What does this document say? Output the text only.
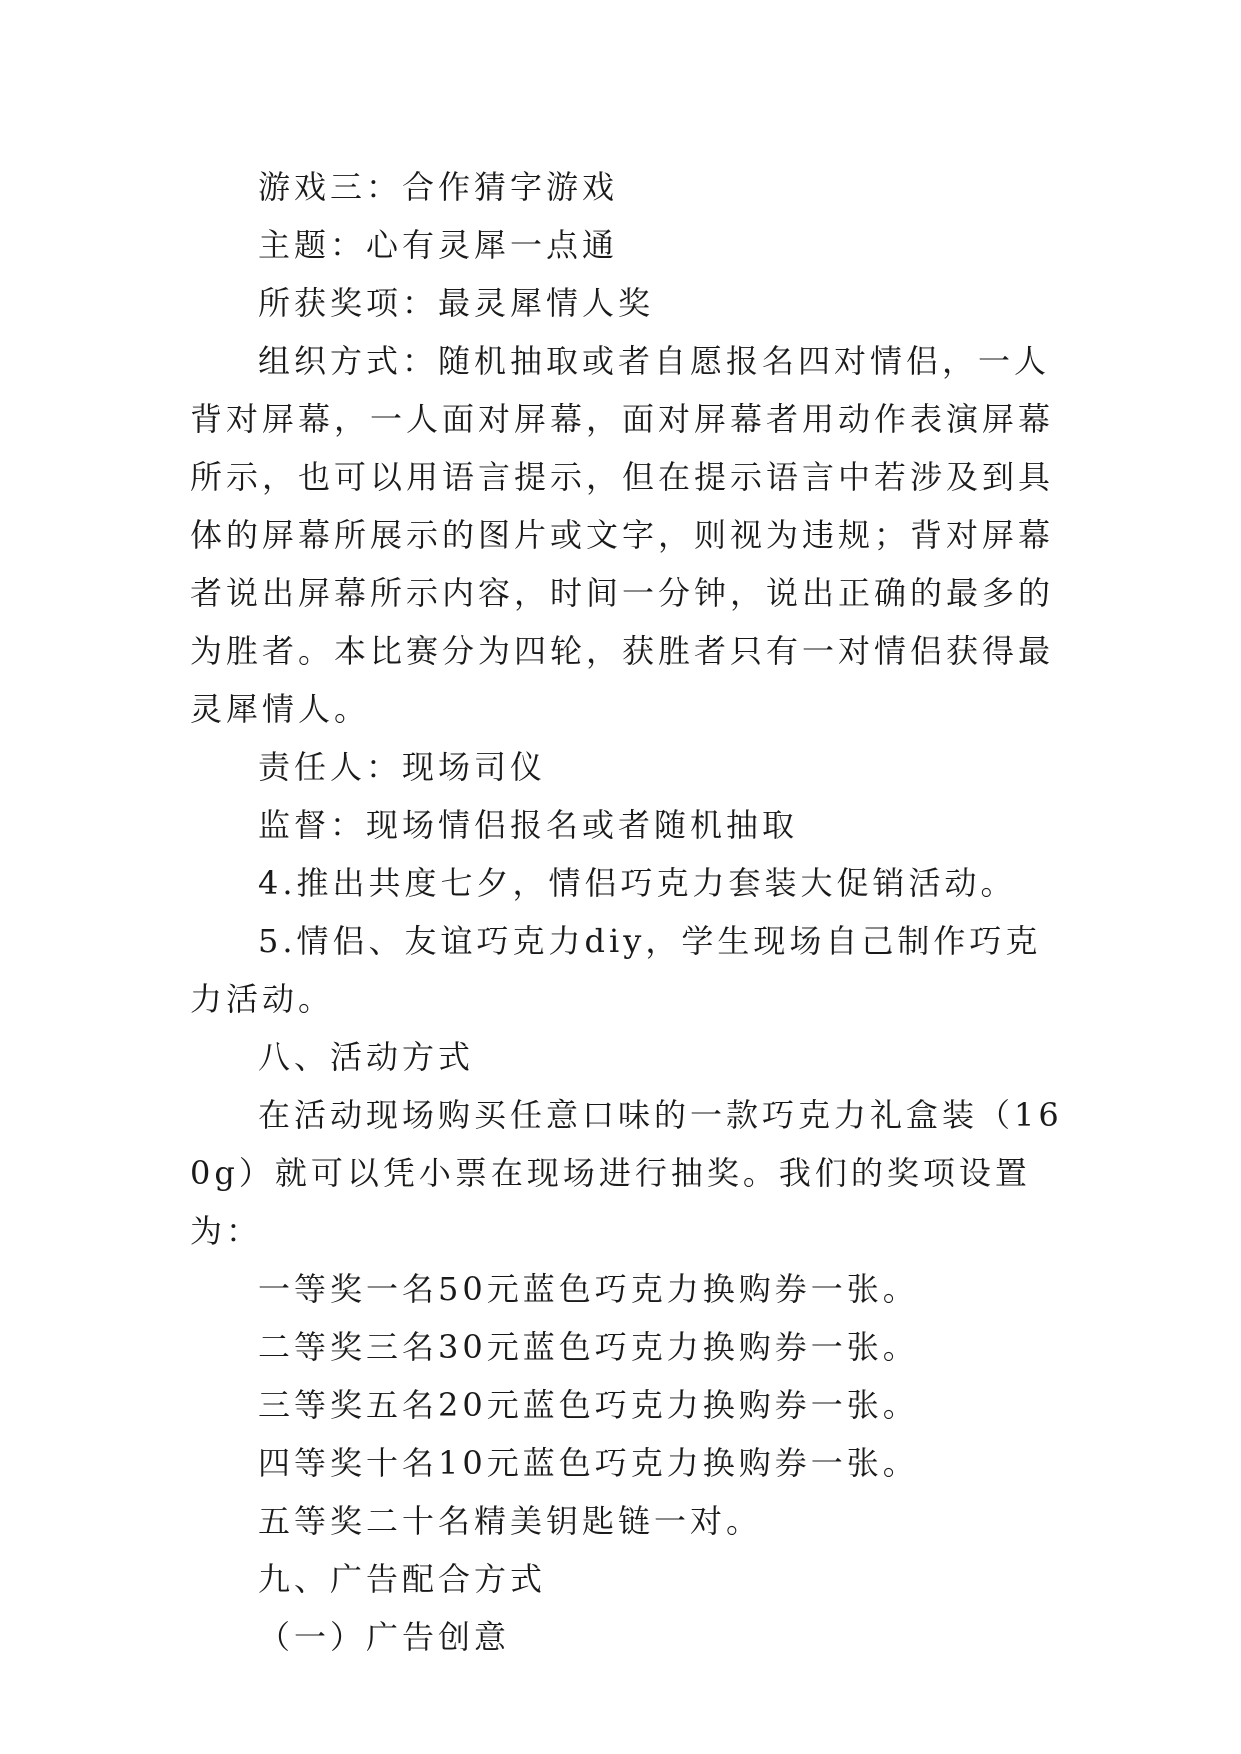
游戏三：合作猜字游戏

主题：心有灵犀一点通

所获奖项：最灵犀情人奖

组织方式：随机抽取或者自愿报名四对情侣，一人背对屏幕，一人面对屏幕，面对屏幕者用动作表演屏幕所示，也可以用语言提示，但在提示语言中若涉及到具体的屏幕所展示的图片或文字，则视为违规；背对屏幕者说出屏幕所示内容，时间一分钟，说出正确的最多的为胜者。本比赛分为四轮，获胜者只有一对情侣获得最灵犀情人。

责任人：现场司仪

监督：现场情侣报名或者随机抽取

4.推出共度七夕，情侣巧克力套装大促销活动。

5.情侣、友谊巧克力diy，学生现场自己制作巧克力活动。

八、活动方式

在活动现场购买任意口味的一款巧克力礼盒装（160g）就可以凭小票在现场进行抽奖。我们的奖项设置为：

一等奖一名50元蓝色巧克力换购券一张。

二等奖三名30元蓝色巧克力换购券一张。

三等奖五名20元蓝色巧克力换购券一张。

四等奖十名10元蓝色巧克力换购券一张。

五等奖二十名精美钥匙链一对。

九、广告配合方式

（一）广告创意
